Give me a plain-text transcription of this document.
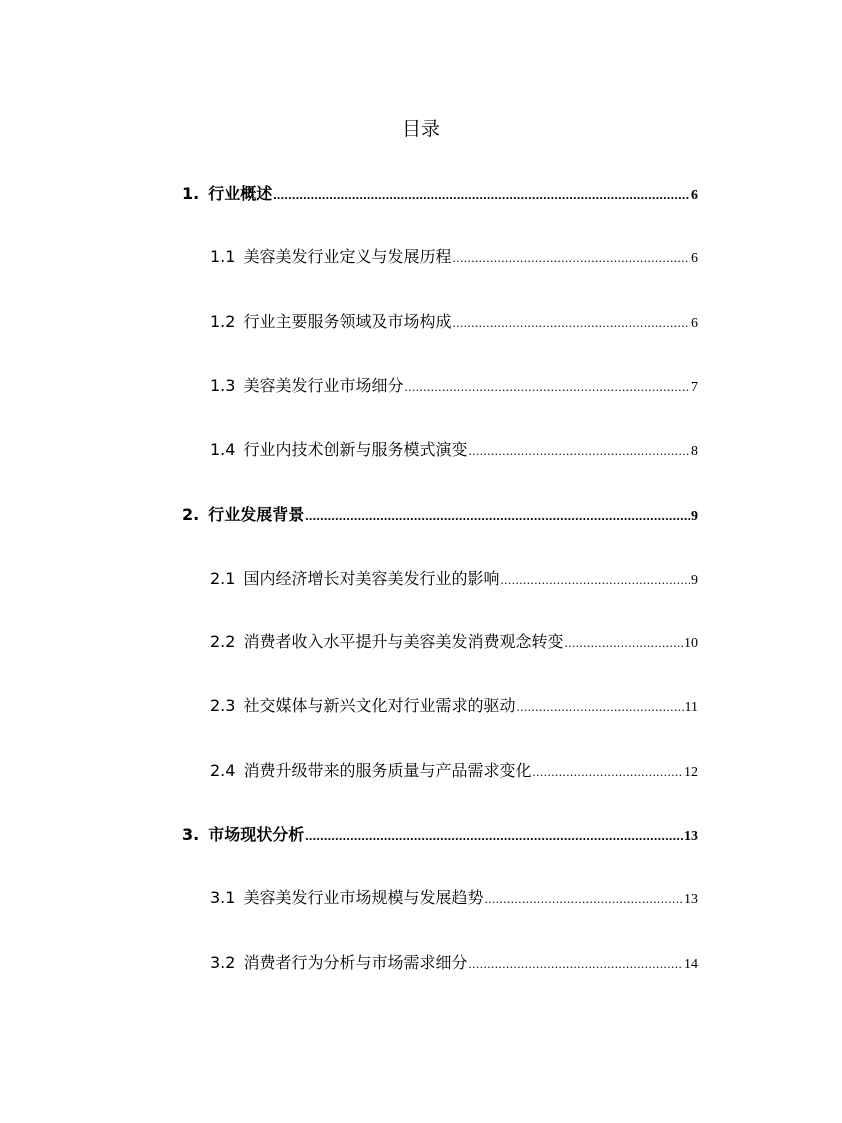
目录
1. 行业概述 .....	6
1.1 美容美发行业定义与发展历程 .....	6
1.2 行业主要服务领域及市场构成 .....	6
1.3 美容美发行业市场细分 .....	7
1.4 行业内技术创新与服务模式演变 .....	8
2. 行业发展背景 .....	9
2.1 国内经济增长对美容美发行业的影响 .....	9
2.2 消费者收入水平提升与美容美发消费观念转变 .....	10
2.3 社交媒体与新兴文化对行业需求的驱动 .....	11
2.4 消费升级带来的服务质量与产品需求变化 .....	12
3. 市场现状分析 .....	13
3.1 美容美发行业市场规模与发展趋势 .....	13
3.2 消费者行为分析与市场需求细分 .....	14
